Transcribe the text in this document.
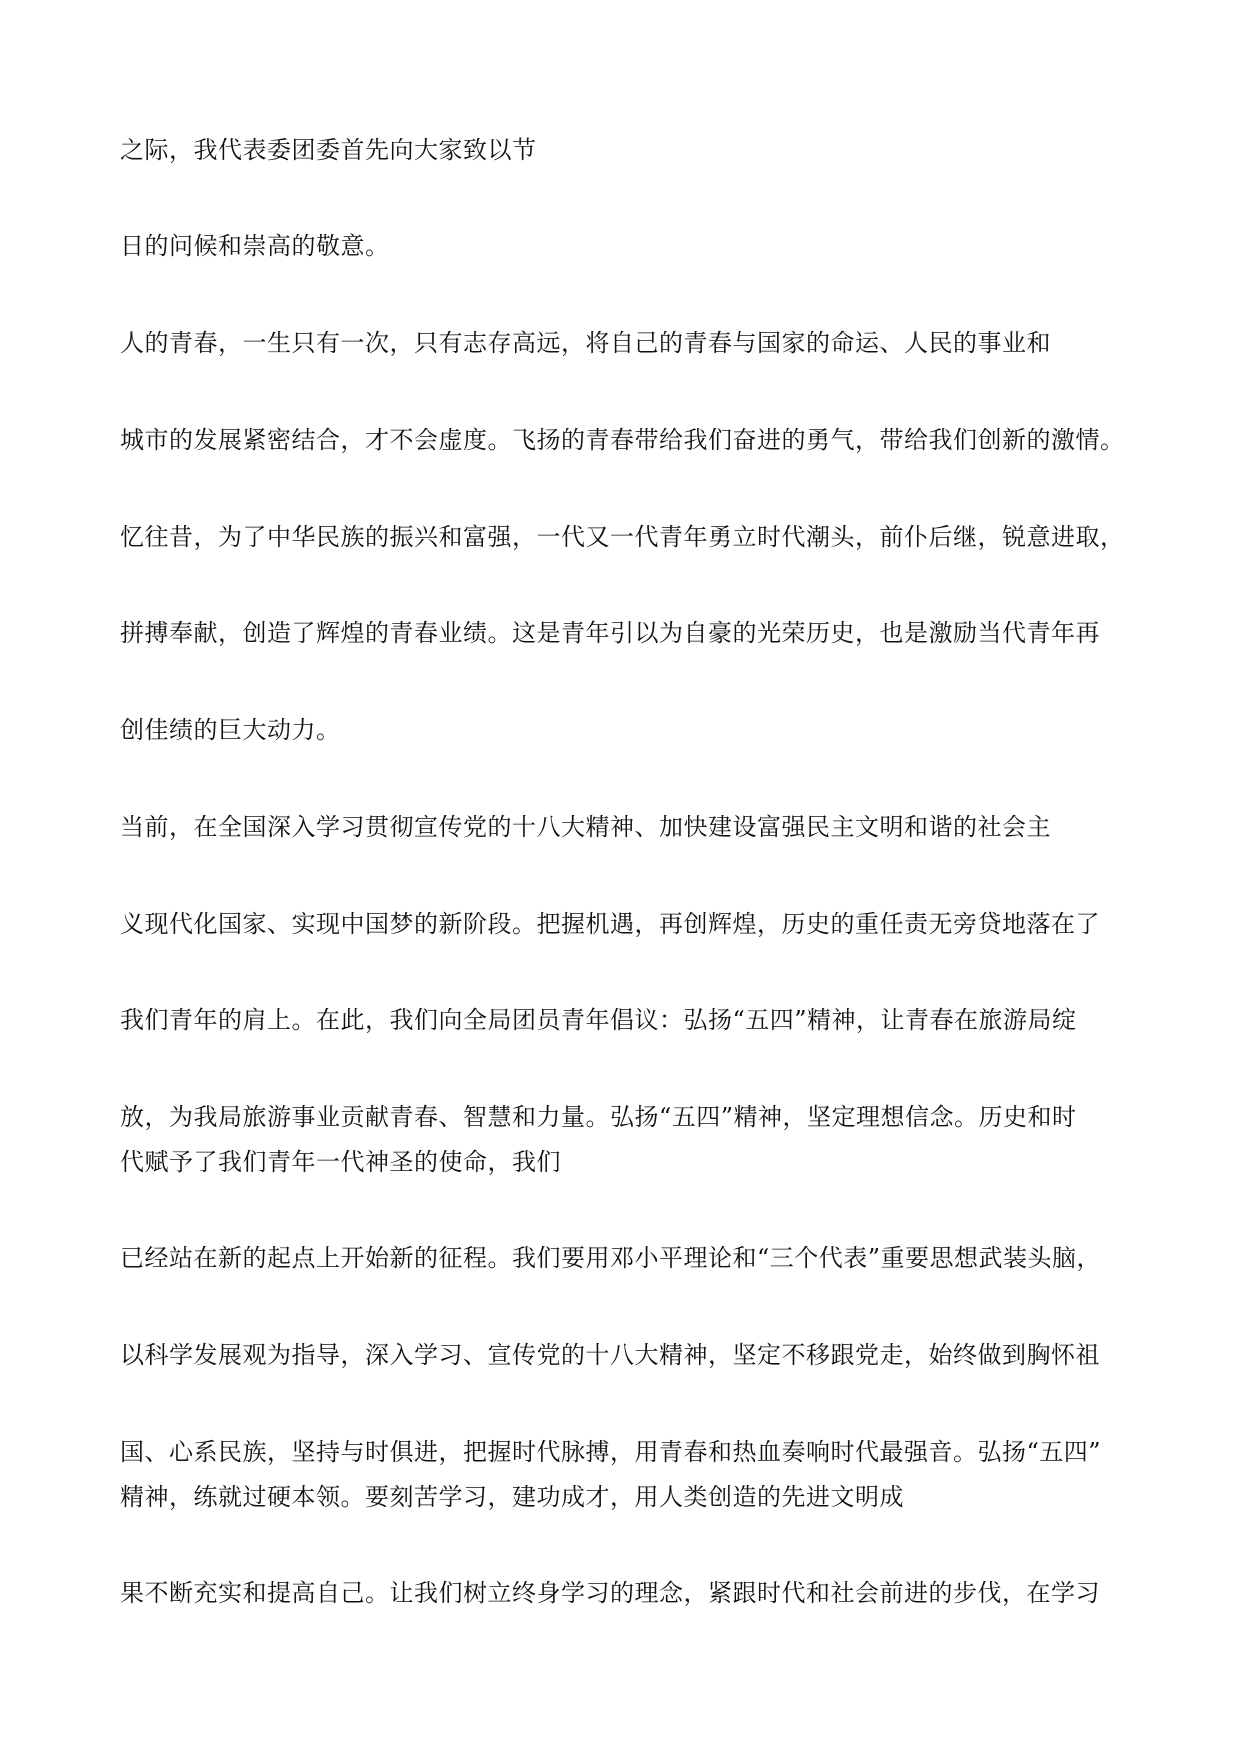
之际，我代表委团委首先向大家致以节

日的问候和崇高的敬意。

人的青春，一生只有一次，只有志存高远，将自己的青春与国家的命运、人民的事业和

城市的发展紧密结合，才不会虚度。飞扬的青春带给我们奋进的勇气，带给我们创新的激情。

忆往昔，为了中华民族的振兴和富强，一代又一代青年勇立时代潮头，前仆后继，锐意进取，

拼搏奉献，创造了辉煌的青春业绩。这是青年引以为自豪的光荣历史，也是激励当代青年再

创佳绩的巨大动力。

当前，在全国深入学习贯彻宣传党的十八大精神、加快建设富强民主文明和谐的社会主

义现代化国家、实现中国梦的新阶段。把握机遇，再创辉煌，历史的重任责无旁贷地落在了

我们青年的肩上。在此，我们向全局团员青年倡议：弘扬“五四”精神，让青春在旅游局绽

放，为我局旅游事业贡献青春、智慧和力量。弘扬“五四”精神，坚定理想信念。历史和时

代赋予了我们青年一代神圣的使命，我们

已经站在新的起点上开始新的征程。我们要用邓小平理论和“三个代表”重要思想武装头脑，

以科学发展观为指导，深入学习、宣传党的十八大精神，坚定不移跟党走，始终做到胸怀祖

国、心系民族，坚持与时俱进，把握时代脉搏，用青春和热血奏响时代最强音。弘扬“五四”

精神，练就过硬本领。要刻苦学习，建功成才，用人类创造的先进文明成

果不断充实和提高自己。让我们树立终身学习的理念，紧跟时代和社会前进的步伐，在学习
